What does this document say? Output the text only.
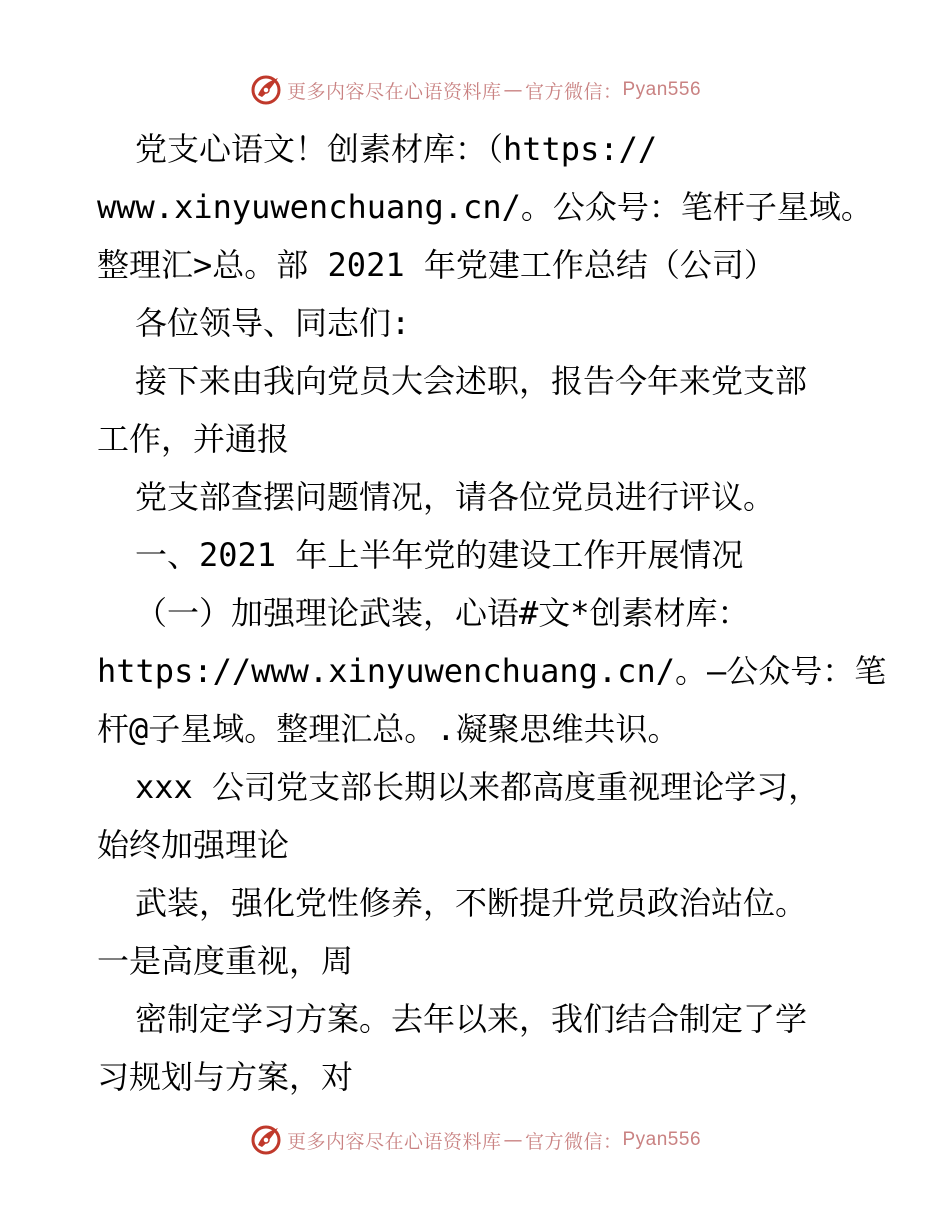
更多内容尽在心语资料库 — 官方微信： Pyan556
党支心语文！创素材库：（https://
www.xinyuwenchuang.cn/。公众号：笔杆子星域。
整理汇>总。部 2021 年党建工作总结（公司）
各位领导、同志们:
接下来由我向党员大会述职，报告今年来党支部
工作，并通报
党支部查摆问题情况，请各位党员进行评议。
一、2021 年上半年党的建设工作开展情况
（一）加强理论武装，心语#文*创素材库：
https://www.xinyuwenchuang.cn/。—公众号：笔
杆@子星域。整理汇总。.凝聚思维共识。
xxx 公司党支部长期以来都高度重视理论学习，
始终加强理论
武装，强化党性修养，不断提升党员政治站位。
一是高度重视，周
密制定学习方案。去年以来，我们结合制定了学
习规划与方案，对
更多内容尽在心语资料库 — 官方微信： Pyan556
